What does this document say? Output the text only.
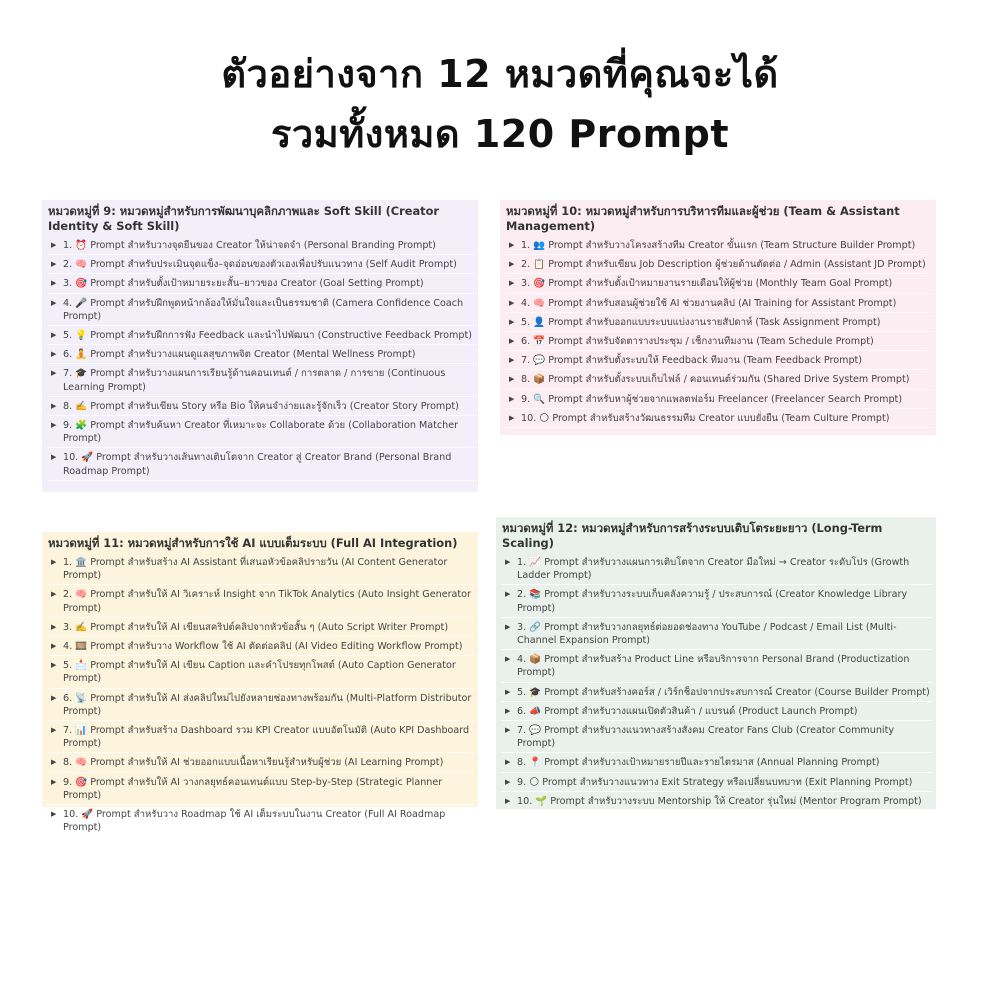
ตัวอย่างจาก 12 หมวดที่คุณจะได้
รวมทั้งหมด 120 Prompt
หมวดหมู่ที่ 9: หมวดหมู่สำหรับการพัฒนาบุคลิกภาพและ Soft Skill (Creator Identity & Soft Skill)
▶ 1. ⏰ Prompt สำหรับวางจุดยืนของ Creator ให้น่าจดจำ (Personal Branding Prompt)
▶ 2. 🧠 Prompt สำหรับประเมินจุดแข็ง–จุดอ่อนของตัวเองเพื่อปรับแนวทาง (Self Audit Prompt)
▶ 3. 🎯 Prompt สำหรับตั้งเป้าหมายระยะสั้น–ยาวของ Creator (Goal Setting Prompt)
▶ 4. 🎤 Prompt สำหรับฝึกพูดหน้ากล้องให้มั่นใจและเป็นธรรมชาติ (Camera Confidence Coach Prompt)
▶ 5. 💡 Prompt สำหรับฝึกการฟัง Feedback และนำไปพัฒนา (Constructive Feedback Prompt)
▶ 6. 🧘 Prompt สำหรับวางแผนดูแลสุขภาพจิต Creator (Mental Wellness Prompt)
▶ 7. 🎓 Prompt สำหรับวางแผนการเรียนรู้ด้านคอนเทนต์ / การตลาด / การขาย (Continuous Learning Prompt)
▶ 8. ✍️ Prompt สำหรับเขียน Story หรือ Bio ให้คนจำง่ายและรู้จักเร็ว (Creator Story Prompt)
▶ 9. 🧩 Prompt สำหรับค้นหา Creator ที่เหมาะจะ Collaborate ด้วย (Collaboration Matcher Prompt)
▶ 10. 🚀 Prompt สำหรับวางเส้นทางเติบโตจาก Creator สู่ Creator Brand (Personal Brand Roadmap Prompt)
หมวดหมู่ที่ 10: หมวดหมู่สำหรับการบริหารทีมและผู้ช่วย (Team & Assistant Management)
▶ 1. 👥 Prompt สำหรับวางโครงสร้างทีม Creator ขั้นแรก (Team Structure Builder Prompt)
▶ 2. 📋 Prompt สำหรับเขียน Job Description ผู้ช่วยด้านตัดต่อ / Admin (Assistant JD Prompt)
▶ 3. 🎯 Prompt สำหรับตั้งเป้าหมายงานรายเดือนให้ผู้ช่วย (Monthly Team Goal Prompt)
▶ 4. 🧠 Prompt สำหรับสอนผู้ช่วยใช้ AI ช่วยงานคลิป (AI Training for Assistant Prompt)
▶ 5. 👤 Prompt สำหรับออกแบบระบบแบ่งงานรายสัปดาห์ (Task Assignment Prompt)
▶ 6. 📅 Prompt สำหรับจัดตารางประชุม / เช็กงานทีมงาน (Team Schedule Prompt)
▶ 7. 💬 Prompt สำหรับตั้งระบบให้ Feedback ทีมงาน (Team Feedback Prompt)
▶ 8. 📦 Prompt สำหรับตั้งระบบเก็บไฟล์ / คอนเทนต์ร่วมกัน (Shared Drive System Prompt)
▶ 9. 🔍 Prompt สำหรับหาผู้ช่วยจากแพลตฟอร์ม Freelancer (Freelancer Search Prompt)
▶ 10. 🌕 Prompt สำหรับสร้างวัฒนธรรมทีม Creator แบบยั่งยืน (Team Culture Prompt)
หมวดหมู่ที่ 11: หมวดหมู่สำหรับการใช้ AI แบบเต็มระบบ (Full AI Integration)
▶ 1. 🏛️ Prompt สำหรับสร้าง AI Assistant ที่เสนอหัวข้อคลิปรายวัน (AI Content Generator Prompt)
▶ 2. 🧠 Prompt สำหรับให้ AI วิเคราะห์ Insight จาก TikTok Analytics (Auto Insight Generator Prompt)
▶ 3. ✍️ Prompt สำหรับให้ AI เขียนสคริปต์คลิปจากหัวข้อสั้น ๆ (Auto Script Writer Prompt)
▶ 4. 🎞️ Prompt สำหรับวาง Workflow ใช้ AI ตัดต่อคลิป (AI Video Editing Workflow Prompt)
▶ 5. 📩 Prompt สำหรับให้ AI เขียน Caption และคำโปรยทุกโพสต์ (Auto Caption Generator Prompt)
▶ 6. 📡 Prompt สำหรับให้ AI ส่งคลิปใหม่ไปยังหลายช่องทางพร้อมกัน (Multi-Platform Distributor Prompt)
▶ 7. 📊 Prompt สำหรับสร้าง Dashboard รวม KPI Creator แบบอัตโนมัติ (Auto KPI Dashboard Prompt)
▶ 8. 🧠 Prompt สำหรับให้ AI ช่วยออกแบบเนื้อหาเรียนรู้สำหรับผู้ช่วย (AI Learning Prompt)
▶ 9. 🎯 Prompt สำหรับให้ AI วางกลยุทธ์คอนเทนต์แบบ Step-by-Step (Strategic Planner Prompt)
▶ 10. 🚀 Prompt สำหรับวาง Roadmap ใช้ AI เต็มระบบในงาน Creator (Full AI Roadmap Prompt)
หมวดหมู่ที่ 12: หมวดหมู่สำหรับการสร้างระบบเติบโตระยะยาว (Long-Term Scaling)
▶ 1. 📈 Prompt สำหรับวางแผนการเติบโตจาก Creator มือใหม่ → Creator ระดับโปร (Growth Ladder Prompt)
▶ 2. 📚 Prompt สำหรับวางระบบเก็บคลังความรู้ / ประสบการณ์ (Creator Knowledge Library Prompt)
▶ 3. 🔗 Prompt สำหรับวางกลยุทธ์ต่อยอดช่องทาง YouTube / Podcast / Email List (Multi-Channel Expansion Prompt)
▶ 4. 📦 Prompt สำหรับสร้าง Product Line หรือบริการจาก Personal Brand (Productization Prompt)
▶ 5. 🎓 Prompt สำหรับสร้างคอร์ส / เวิร์กช็อปจากประสบการณ์ Creator (Course Builder Prompt)
▶ 6. 📣 Prompt สำหรับวางแผนเปิดตัวสินค้า / แบรนด์ (Product Launch Prompt)
▶ 7. 💬 Prompt สำหรับวางแนวทางสร้างสังคม Creator Fans Club (Creator Community Prompt)
▶ 8. 📍 Prompt สำหรับวางเป้าหมายรายปีและรายไตรมาส (Annual Planning Prompt)
▶ 9. 🌕 Prompt สำหรับวางแนวทาง Exit Strategy หรือเปลี่ยนบทบาท (Exit Planning Prompt)
▶ 10. 🌱 Prompt สำหรับวางระบบ Mentorship ให้ Creator รุ่นใหม่ (Mentor Program Prompt)
